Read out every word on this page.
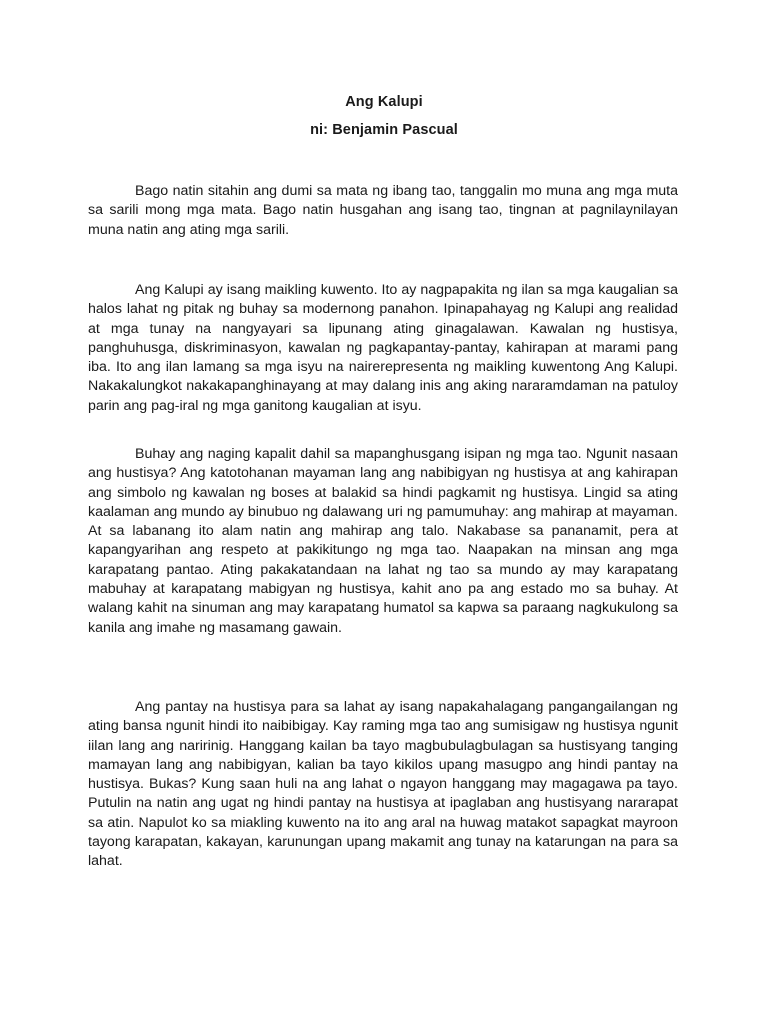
Ang Kalupi
ni: Benjamin Pascual

Bago natin sitahin ang dumi sa mata ng ibang tao, tanggalin mo muna ang mga muta sa sarili mong mga mata. Bago natin husgahan ang isang tao, tingnan at pagnilaynilayan muna natin ang ating mga sarili.

Ang Kalupi ay isang maikling kuwento. Ito ay nagpapakita ng ilan sa mga kaugalian sa halos lahat ng pitak ng buhay sa modernong panahon. Ipinapahayag ng Kalupi ang realidad at mga tunay na nangyayari sa lipunang ating ginagalawan. Kawalan ng hustisya, panghuhusga, diskriminasyon, kawalan ng pagkapantay-pantay, kahirapan at marami pang iba. Ito ang ilan lamang sa mga isyu na nairerepresenta ng maikling kuwentong Ang Kalupi. Nakakalungkot nakakapanghinayang at may dalang inis ang aking nararamdaman na patuloy parin ang pag-iral ng mga ganitong kaugalian at isyu.

Buhay ang naging kapalit dahil sa mapanghusgang isipan ng mga tao. Ngunit nasaan ang hustisya? Ang katotohanan mayaman lang ang nabibigyan ng hustisya at ang kahirapan ang simbolo ng kawalan ng boses at balakid sa hindi pagkamit ng hustisya. Lingid sa ating kaalaman ang mundo ay binubuo ng dalawang uri ng pamumuhay: ang mahirap at mayaman. At sa labanang ito alam natin ang mahirap ang talo. Nakabase sa pananamit, pera at kapangyarihan ang respeto at pakikitungo ng mga tao. Naapakan na minsan ang mga karapatang pantao. Ating pakakatandaan na lahat ng tao sa mundo ay may karapatang mabuhay at karapatang mabigyan ng hustisya, kahit ano pa ang estado mo sa buhay. At walang kahit na sinuman ang may karapatang humatol sa kapwa sa paraang nagkukulong sa kanila ang imahe ng masamang gawain.

Ang pantay na hustisya para sa lahat ay isang napakahalagang pangangailangan ng ating bansa ngunit hindi ito naibibigay. Kay raming mga tao ang sumisigaw ng hustisya ngunit iilan lang ang naririnig. Hanggang kailan ba tayo magbubulagbulagan sa hustisyang tanging mamayan lang ang nabibigyan, kalian ba tayo kikilos upang masugpo ang hindi pantay na hustisya. Bukas? Kung saan huli na ang lahat o ngayon hanggang may magagawa pa tayo. Putulin na natin ang ugat ng hindi pantay na hustisya at ipaglaban ang hustisyang nararapat sa atin. Napulot ko sa miakling kuwento na ito ang aral na huwag matakot sapagkat mayroon tayong karapatan, kakayan, karunungan upang makamit ang tunay na katarungan na para sa lahat.
